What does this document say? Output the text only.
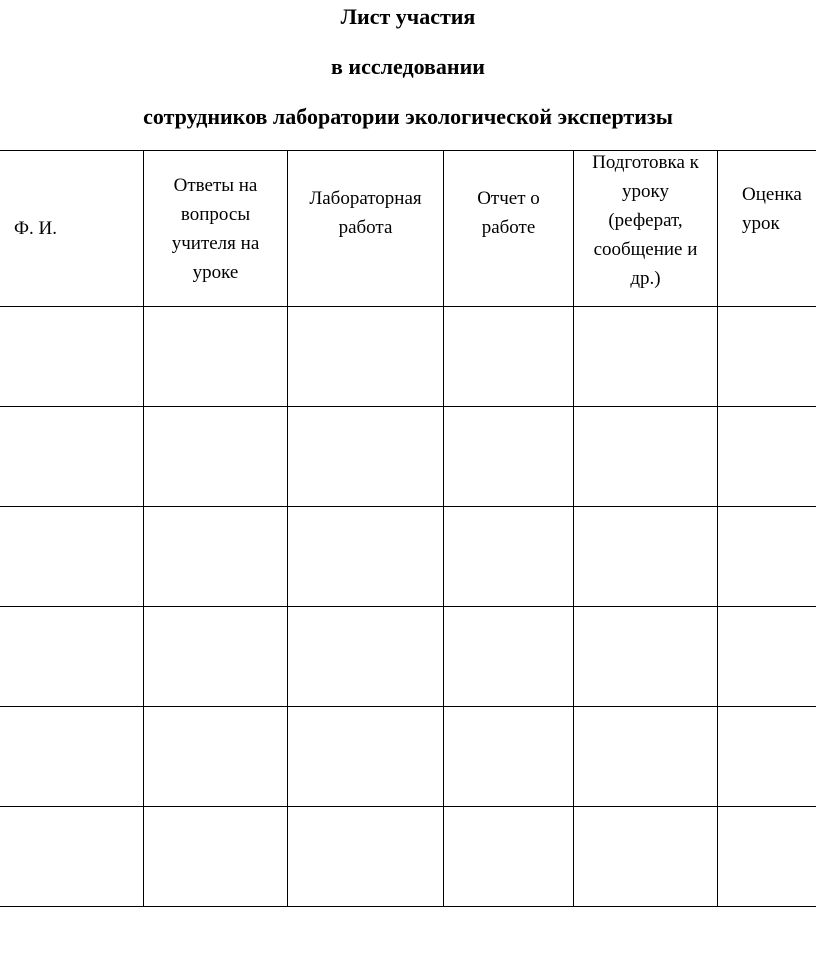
Лист участия

в исследовании

сотрудников лаборатории экологической экспертизы

Ф. И.	Ответы на
вопросы
учителя на
уроке	Лабораторная
работа	Отчет о
работе	Подготовка к
уроку
(реферат,
сообщение и
др.)	Оценка
урок
